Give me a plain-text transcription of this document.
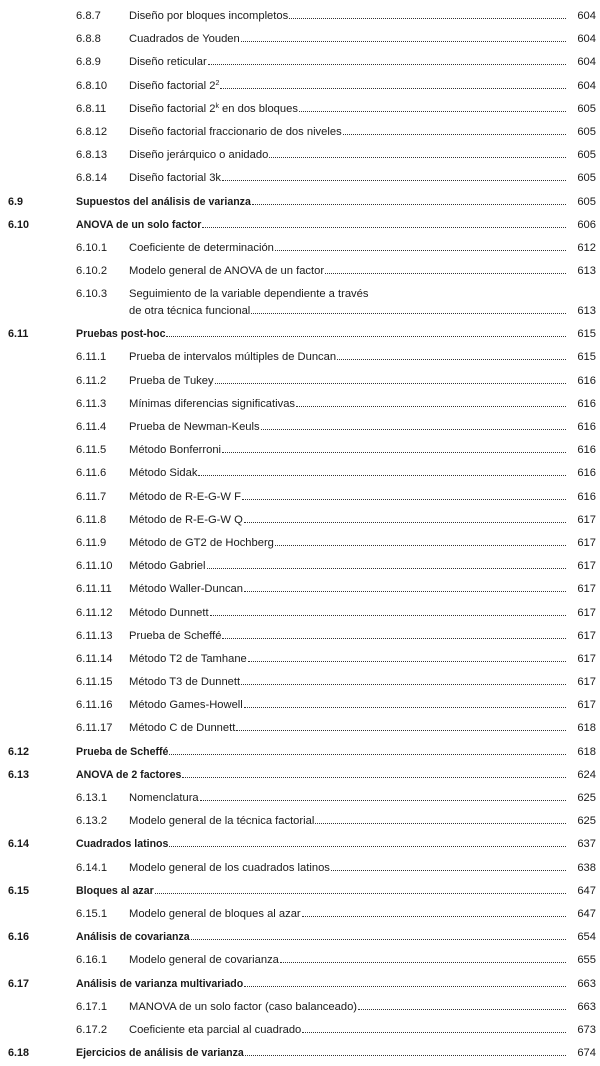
6.8.7	Diseño por bloques incompletos	604
6.8.8	Cuadrados de Youden	604
6.8.9	Diseño reticular	604
6.8.10 Diseño factorial $2^2$	604
6.8.11 Diseño factorial 2$^k$ en dos bloques	605
6.8.12 Diseño factorial fraccionario de dos niveles	605
6.8.13 Diseño jerárquico o anidado	605
6.8.14 Diseño factorial 3k	605
6.9	Supuestos del análisis de varianza	605
6.10	ANOVA de un solo factor	606
6.10.1 Coeficiente de determinación	612
6.10.2 Modelo general de ANOVA de un factor	613
6.10.3 Seguimiento de la variable dependiente a través
de otra técnica funcional	613
6.11	Pruebas post-hoc	615
6.11.1 Prueba de intervalos múltiples de Duncan	615
6.11.2 Prueba de Tukey	616
6.11.3 Mínimas diferencias significativas	616
6.11.4 Prueba de Newman-Keuls	616
6.11.5 Método Bonferroni	616
6.11.6 Método Sidak	616
6.11.7 Método de R-E-G-W F	616
6.11.8 Método de R-E-G-W Q	617
6.11.9 Método de GT2 de Hochberg	617
6.11.10 Método Gabriel	617
6.11.11 Método Waller-Duncan	617
6.11.12 Método Dunnett	617
6.11.13 Prueba de Scheffé	617
6.11.14 Método T2 de Tamhane	617
6.11.15 Método T3 de Dunnett	617
6.11.16 Método Games-Howell	617
6.11.17 Método C de Dunnett	618
6.12	Prueba de Scheffé	618
6.13	ANOVA de 2 factores	624
6.13.1 Nomenclatura	625
6.13.2 Modelo general de la técnica factorial	625
6.14	Cuadrados latinos	637
6.14.1 Modelo general de los cuadrados latinos	638
6.15	Bloques al azar	647
6.15.1 Modelo general de bloques al azar	647
6.16	Análisis de covarianza	654
6.16.1 Modelo general de covarianza	655
6.17	Análisis de varianza multivariado	663
6.17.1 MANOVA de un solo factor (caso balanceado)	663
6.17.2 Coeficiente eta parcial al cuadrado	673
6.18	Ejercicios de análisis de varianza	674
